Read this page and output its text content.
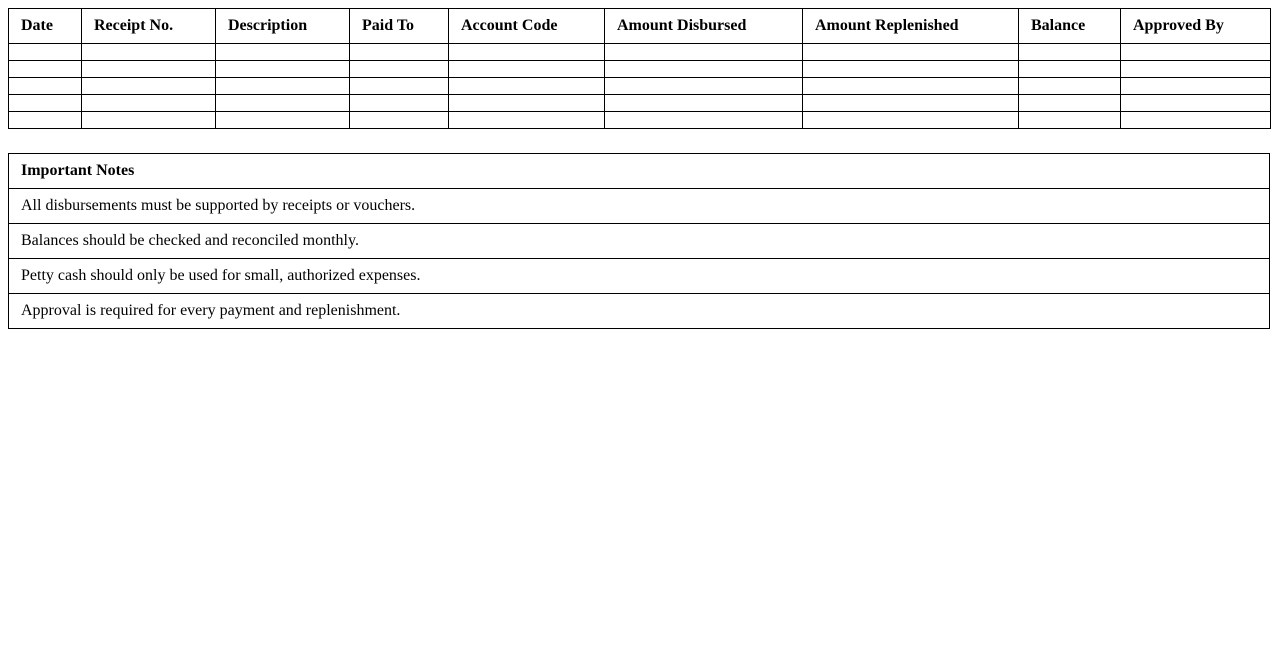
Date	Receipt No.	Description	Paid To	Account Code	Amount Disbursed	Amount Replenished	Balance	Approved By

Important Notes
All disbursements must be supported by receipts or vouchers.
Balances should be checked and reconciled monthly.
Petty cash should only be used for small, authorized expenses.
Approval is required for every payment and replenishment.
